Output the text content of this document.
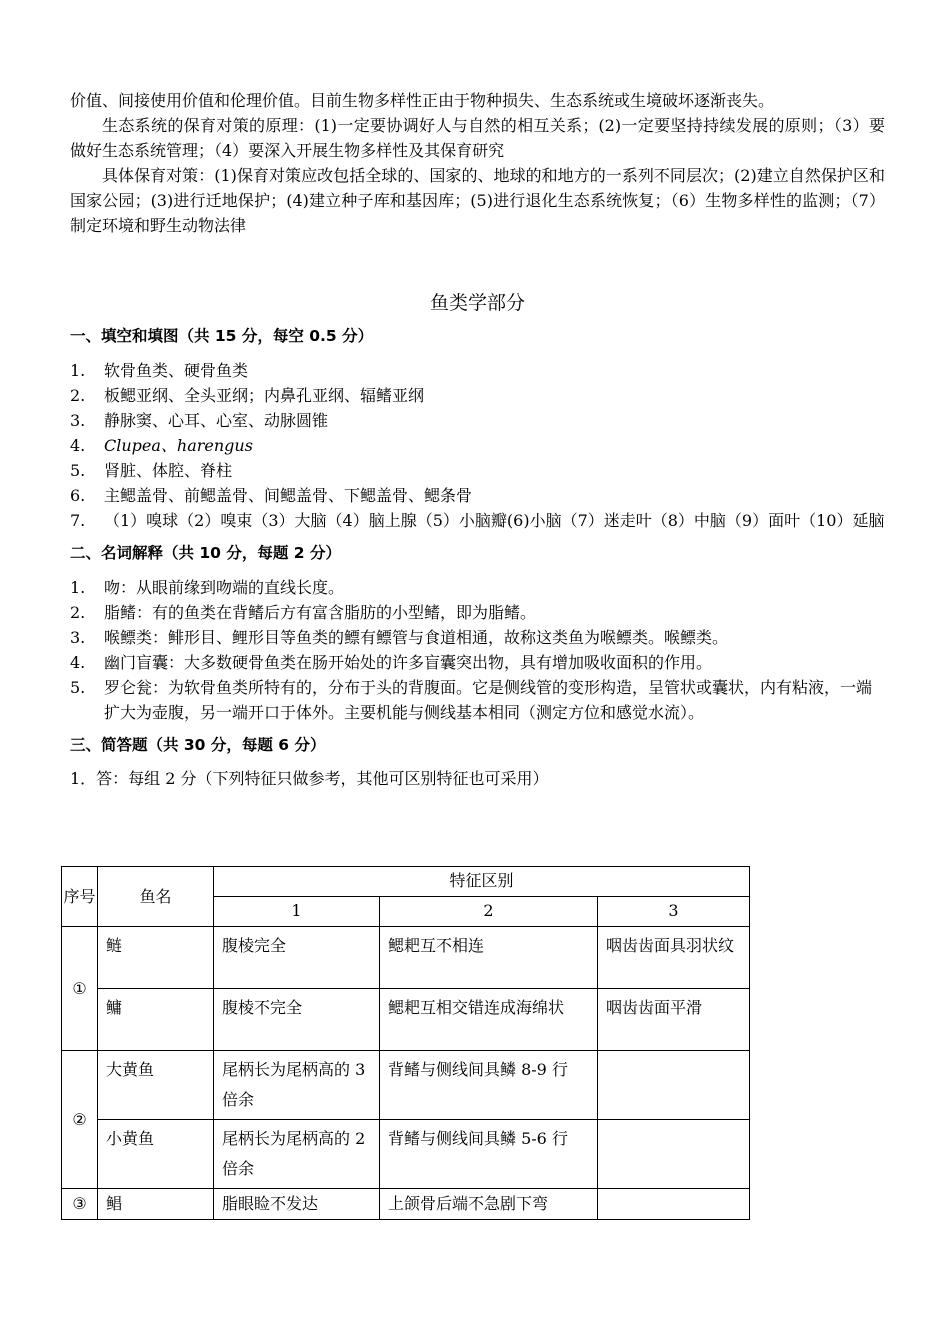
价值、间接使用价值和伦理价值。目前生物多样性正由于物种损失、生态系统或生境破坏逐渐丧失。

生态系统的保育对策的原理：(1)一定要协调好人与自然的相互关系；(2)一定要坚持持续发展的原则；（3）要做好生态系统管理；（4）要深入开展生物多样性及其保育研究

具体保育对策：(1)保育对策应改包括全球的、国家的、地球的和地方的一系列不同层次；(2)建立自然保护区和国家公园；(3)进行迁地保护；(4)建立种子库和基因库；(5)进行退化生态系统恢复；（6）生物多样性的监测；（7）制定环境和野生动物法律

鱼类学部分
一、填空和填图（共 15 分，每空 0.5 分）
1. 软骨鱼类、硬骨鱼类
2. 板鳃亚纲、全头亚纲；内鼻孔亚纲、辐鳍亚纲
3. 静脉窦、心耳、心室、动脉圆锥
4. Clupea、harengus
5. 肾脏、体腔、脊柱
6. 主鳃盖骨、前鳃盖骨、间鳃盖骨、下鳃盖骨、鳃条骨
7. （1）嗅球（2）嗅束（3）大脑（4）脑上腺（5）小脑瓣(6)小脑（7）迷走叶（8）中脑（9）面叶（10）延脑
二、名词解释（共 10 分，每题 2 分）
1. 吻：从眼前缘到吻端的直线长度。
2. 脂鳍：有的鱼类在背鳍后方有富含脂肪的小型鳍，即为脂鳍。
3. 喉鳔类：鲱形目、鲤形目等鱼类的鳔有鳔管与食道相通，故称这类鱼为喉鳔类。喉鳔类。
4. 幽门盲囊：大多数硬骨鱼类在肠开始处的许多盲囊突出物，具有增加吸收面积的作用。
5. 罗仑瓮：为软骨鱼类所特有的，分布于头的背腹面。它是侧线管的变形构造，呈管状或囊状，内有粘液，一端扩大为壶腹，另一端开口于体外。主要机能与侧线基本相同（测定方位和感觉水流）。
三、简答题（共 30 分，每题 6 分）

1．答：每组 2 分（下列特征只做参考，其他可区别特征也可采用）

序号	鱼名	特征区别		
		1	2	3
①	鲢	腹棱完全	鳃耙互不相连	咽齿齿面具羽状纹
	鳙	腹棱不完全	鳃耙互相交错连成海绵状	咽齿齿面平滑
②	大黄鱼	尾柄长为尾柄高的 3 倍余	背鳍与侧线间具鳞 8-9 行	
	小黄鱼	尾柄长为尾柄高的 2 倍余	背鳍与侧线间具鳞 5-6 行	
③	鲳	脂眼睑不发达	上颌骨后端不急剧下弯	
